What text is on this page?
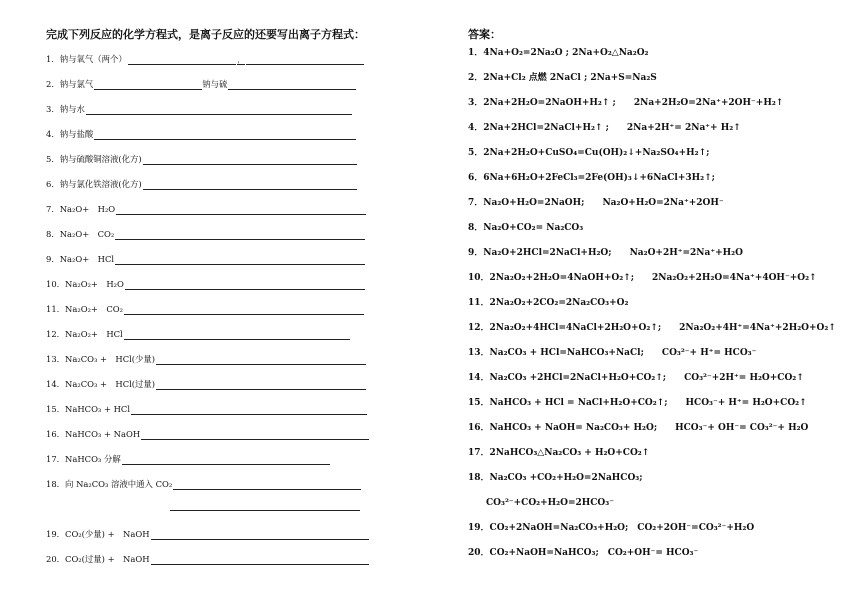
完成下列反应的化学方程式，是离子反应的还要写出离子方程式：
1．钠与氧气（两个）	，
2．钠与氯气	钠与硫
3．钠与水
4．钠与盐酸
5．钠与硫酸铜溶液(化方)
6．钠与氯化铁溶液(化方)
7．Na₂O+　H₂O
8．Na₂O+　CO₂
9．Na₂O+　HCl
10．Na₂O₂+　H₂O
11．Na₂O₂+　CO₂
12．Na₂O₂+　HCl
13．Na₂CO₃ +　HCl(少量)
14．Na₂CO₃ +　HCl(过量)
15．NaHCO₃ + HCl
16．NaHCO₃ + NaOH
17．NaHCO₃ 分解
18．向 Na₂CO₃ 溶液中通入 CO₂
19．CO₂(少量) +　NaOH
20．CO₂(过量) +　NaOH
答案：
1．4Na+O₂=2Na₂O ; 2Na+O₂△Na₂O₂
2．2Na+Cl₂ 点燃 2NaCl ; 2Na+S=Na₂S
3．2Na+2H₂O=2NaOH+H₂↑ ;　　2Na+2H₂O=2Na⁺+2OH⁻+H₂↑
4．2Na+2HCl=2NaCl+H₂↑ ;　　2Na+2H⁺= 2Na⁺+ H₂↑
5．2Na+2H₂O+CuSO₄=Cu(OH)₂↓+Na₂SO₄+H₂↑;
6．6Na+6H₂O+2FeCl₃=2Fe(OH)₃↓+6NaCl+3H₂↑;
7．Na₂O+H₂O=2NaOH;　　Na₂O+H₂O=2Na⁺+2OH⁻
8．Na₂O+CO₂= Na₂CO₃
9．Na₂O+2HCl=2NaCl+H₂O;　　Na₂O+2H⁺=2Na⁺+H₂O
10．2Na₂O₂+2H₂O=4NaOH+O₂↑;　　2Na₂O₂+2H₂O=4Na⁺+4OH⁻+O₂↑
11．2Na₂O₂+2CO₂=2Na₂CO₃+O₂
12．2Na₂O₂+4HCl=4NaCl+2H₂O+O₂↑;　　2Na₂O₂+4H⁺=4Na⁺+2H₂O+O₂↑
13．Na₂CO₃ + HCl=NaHCO₃+NaCl;　　CO₃²⁻+ H⁺= HCO₃⁻
14．Na₂CO₃ +2HCl=2NaCl+H₂O+CO₂↑;　　CO₃²⁻+2H⁺= H₂O+CO₂↑
15．NaHCO₃ + HCl = NaCl+H₂O+CO₂↑;　　HCO₃⁻+ H⁺= H₂O+CO₂↑
16．NaHCO₃ + NaOH= Na₂CO₃+ H₂O;　　HCO₃⁻+ OH⁻= CO₃²⁻+ H₂O
17．2NaHCO₃△Na₂CO₃ + H₂O+CO₂↑
18．Na₂CO₃ +CO₂+H₂O=2NaHCO₃;
　　CO₃²⁻+CO₂+H₂O=2HCO₃⁻
19．CO₂+2NaOH=Na₂CO₃+H₂O;　CO₂+2OH⁻=CO₃²⁻+H₂O
20．CO₂+NaOH=NaHCO₃;　CO₂+OH⁻= HCO₃⁻
